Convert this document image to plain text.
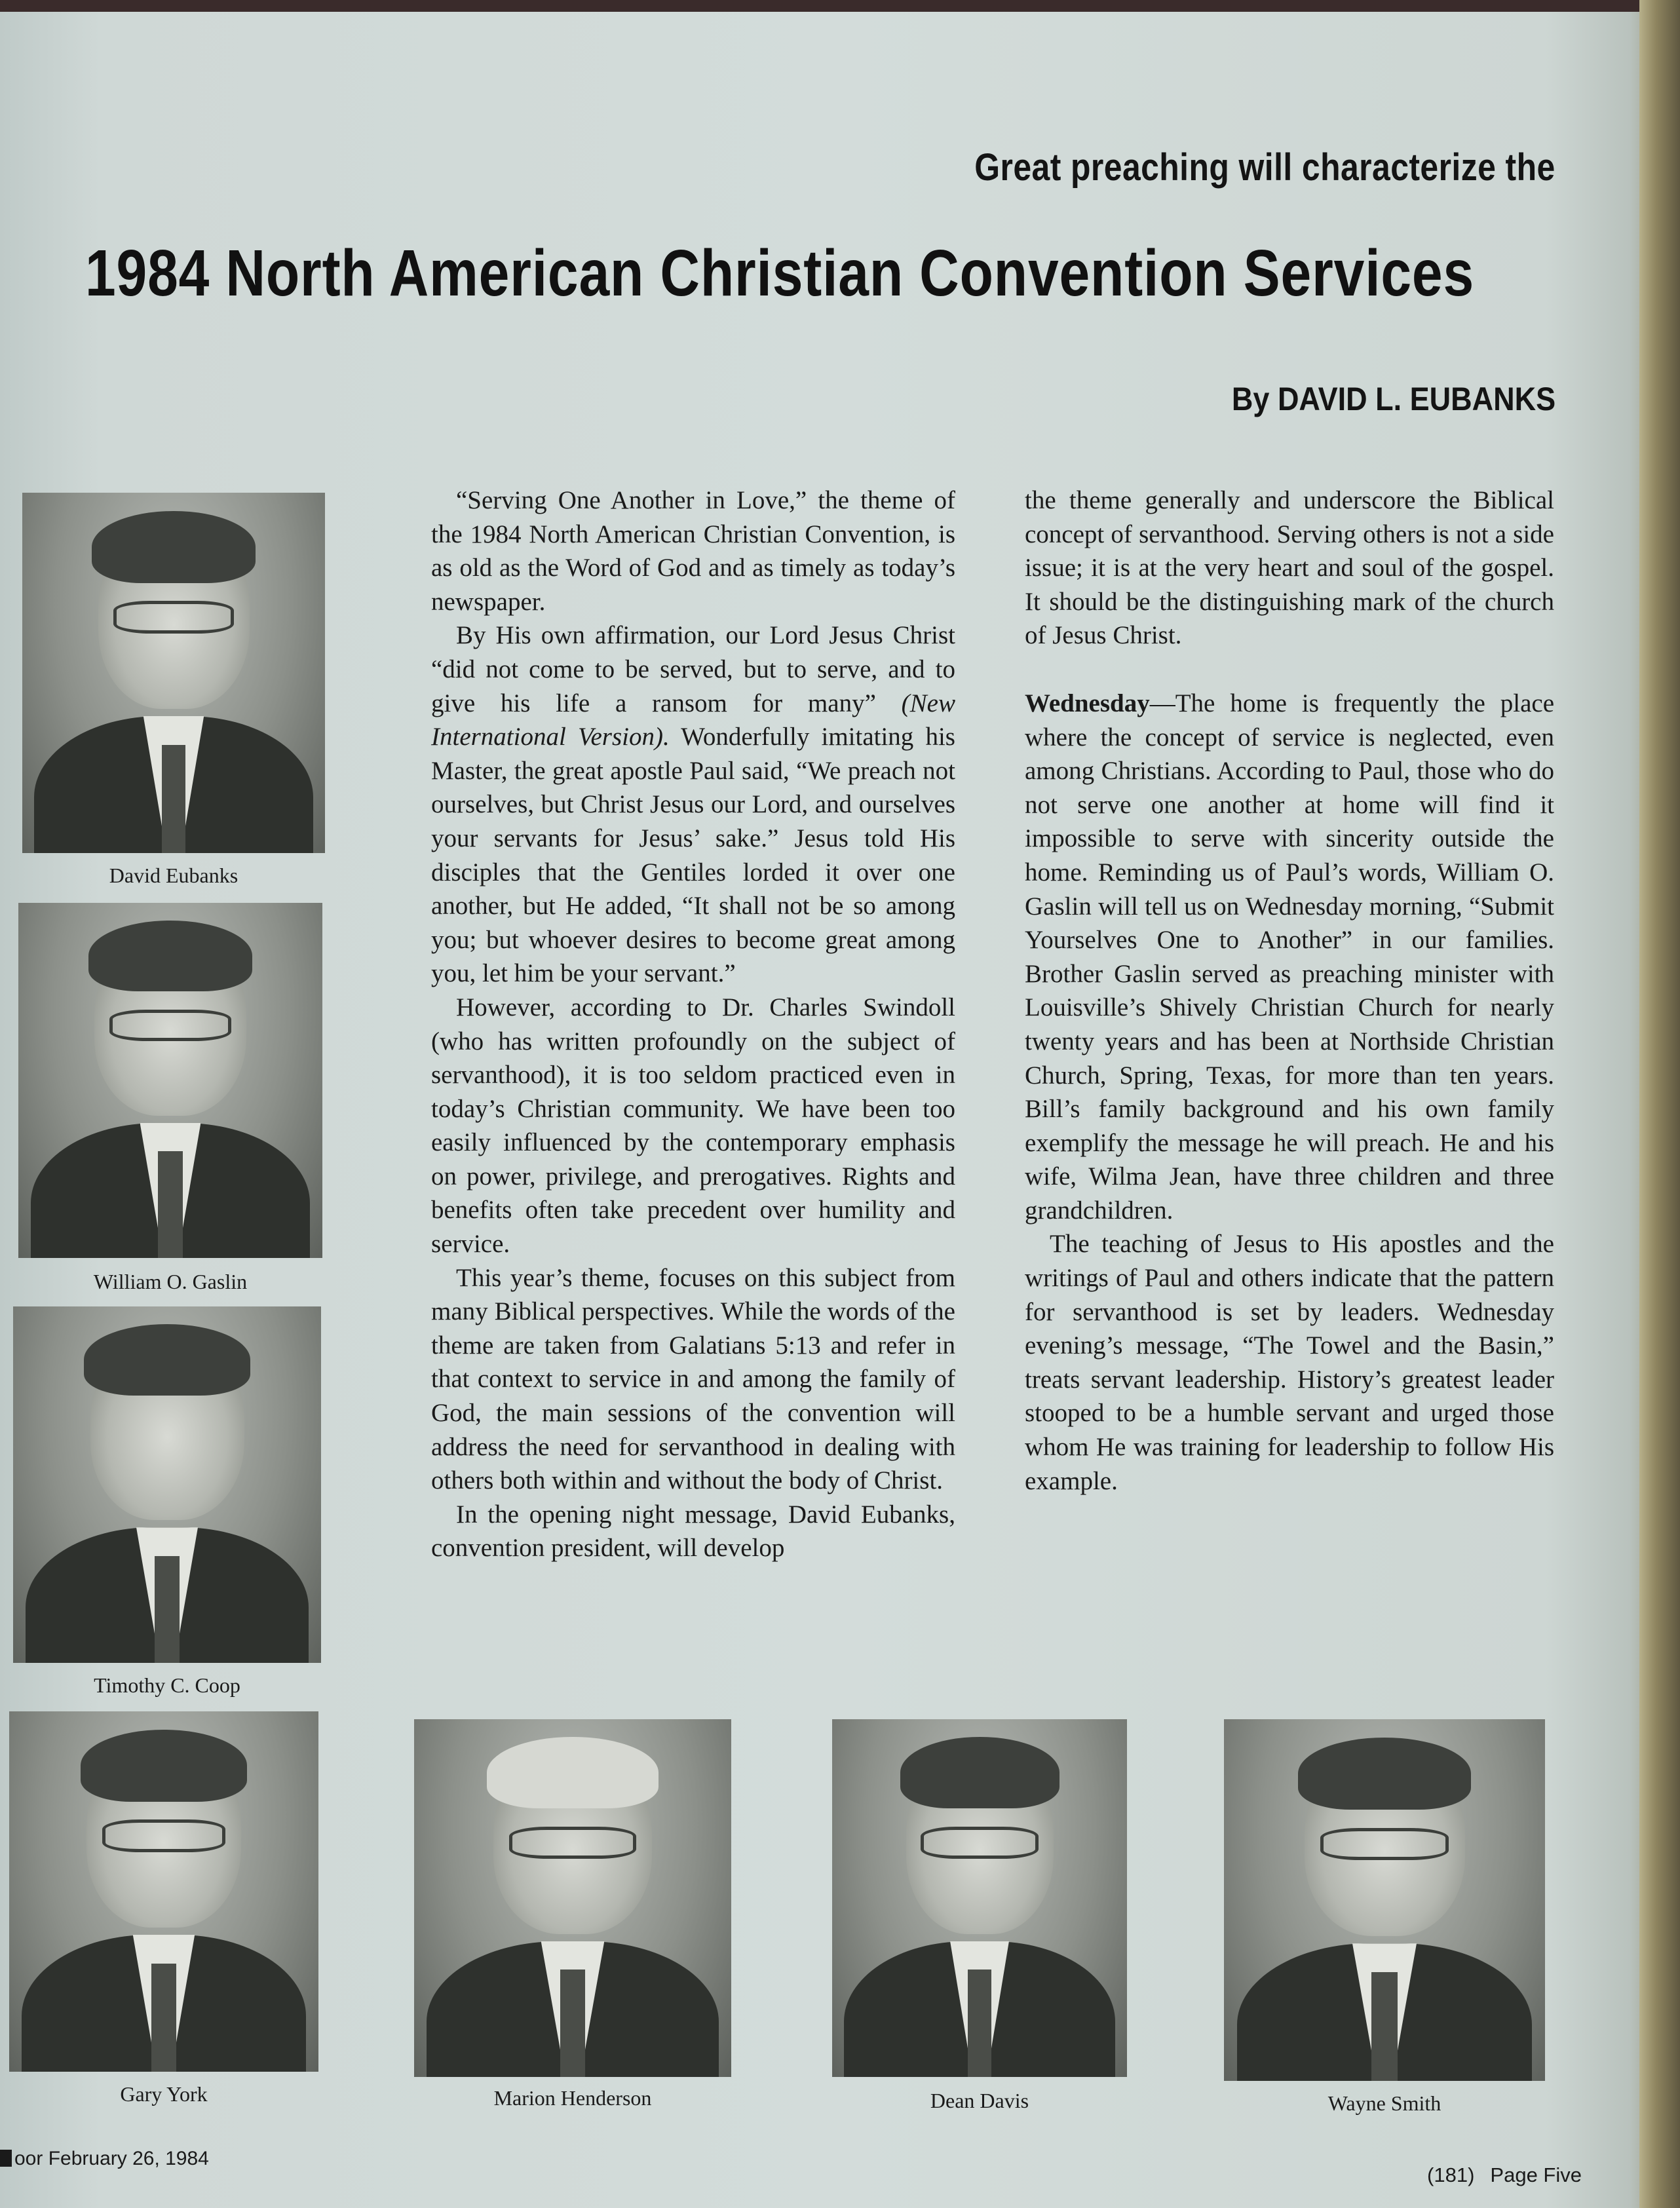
Great preaching will characterize the
1984 North American Christian Convention Services
By DAVID L. EUBANKS

“Serving One Another in Love,” the theme of the 1984 North American Christian Convention, is as old as the Word of God and as timely as today’s newspaper.

By His own affirmation, our Lord Jesus Christ “did not come to be served, but to serve, and to give his life a ransom for many” (New International Version). Wonderfully imitating his Master, the great apostle Paul said, “We preach not ourselves, but Christ Jesus our Lord, and ourselves your servants for Jesus’ sake.” Jesus told His disciples that the Gentiles lorded it over one another, but He added, “It shall not be so among you; but whoever desires to become great among you, let him be your servant.”

However, according to Dr. Charles Swindoll (who has written profoundly on the subject of servanthood), it is too seldom practiced even in today’s Christian community. We have been too easily influenced by the contemporary emphasis on power, privilege, and prerogatives. Rights and benefits often take precedent over humility and service.

This year’s theme, focuses on this subject from many Biblical perspectives. While the words of the theme are taken from Galatians 5:13 and refer in that context to service in and among the family of God, the main sessions of the convention will address the need for servanthood in dealing with others both within and without the body of Christ.

In the opening night message, David Eubanks, convention president, will develop

the theme generally and underscore the Biblical concept of servanthood. Serving others is not a side issue; it is at the very heart and soul of the gospel. It should be the distinguishing mark of the church of Jesus Christ.

Wednesday—The home is frequently the place where the concept of service is neglected, even among Christians. According to Paul, those who do not serve one another at home will find it impossible to serve with sincerity outside the home. Reminding us of Paul’s words, William O. Gaslin will tell us on Wednesday morning, “Submit Yourselves One to Another” in our families. Brother Gaslin served as preaching minister with Louisville’s Shively Christian Church for nearly twenty years and has been at Northside Christian Church, Spring, Texas, for more than ten years. Bill’s family background and his own family exemplify the message he will preach. He and his wife, Wilma Jean, have three children and three grandchildren.

The teaching of Jesus to His apostles and the writings of Paul and others indicate that the pattern for servanthood is set by leaders. Wednesday evening’s message, “The Towel and the Basin,” treats servant leadership. History’s greatest leader stooped to be a humble servant and urged those whom He was training for leadership to follow His example.

David Eubanks
William O. Gaslin
Timothy C. Coop
Gary York	Marion Henderson	Dean Davis	Wayne Smith
oor February 26, 1984
(181) Page Five
